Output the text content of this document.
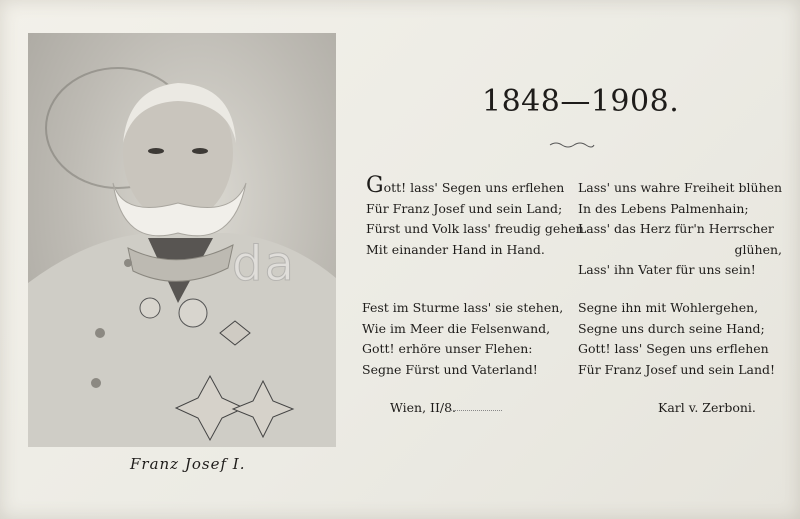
da
Franz Josef I.
1848—1908.
Gott! lass' Segen uns erflehen
Für Franz Josef und sein Land;
Fürst und Volk lass' freudig gehen
Mit einander Hand in Hand.
Lass' uns wahre Freiheit blühen
In des Lebens Palmenhain;
Lass' das Herz für'n Herrscher
glühen,
Lass' ihn Vater für uns sein!
Fest im Sturme lass' sie stehen,
Wie im Meer die Felsenwand,
Gott! erhöre unser Flehen:
Segne Fürst und Vaterland!
Segne ihn mit Wohlergehen,
Segne uns durch seine Hand;
Gott! lass' Segen uns erflehen
Für Franz Josef und sein Land!
Wien, II/8.	Karl v. Zerboni.
